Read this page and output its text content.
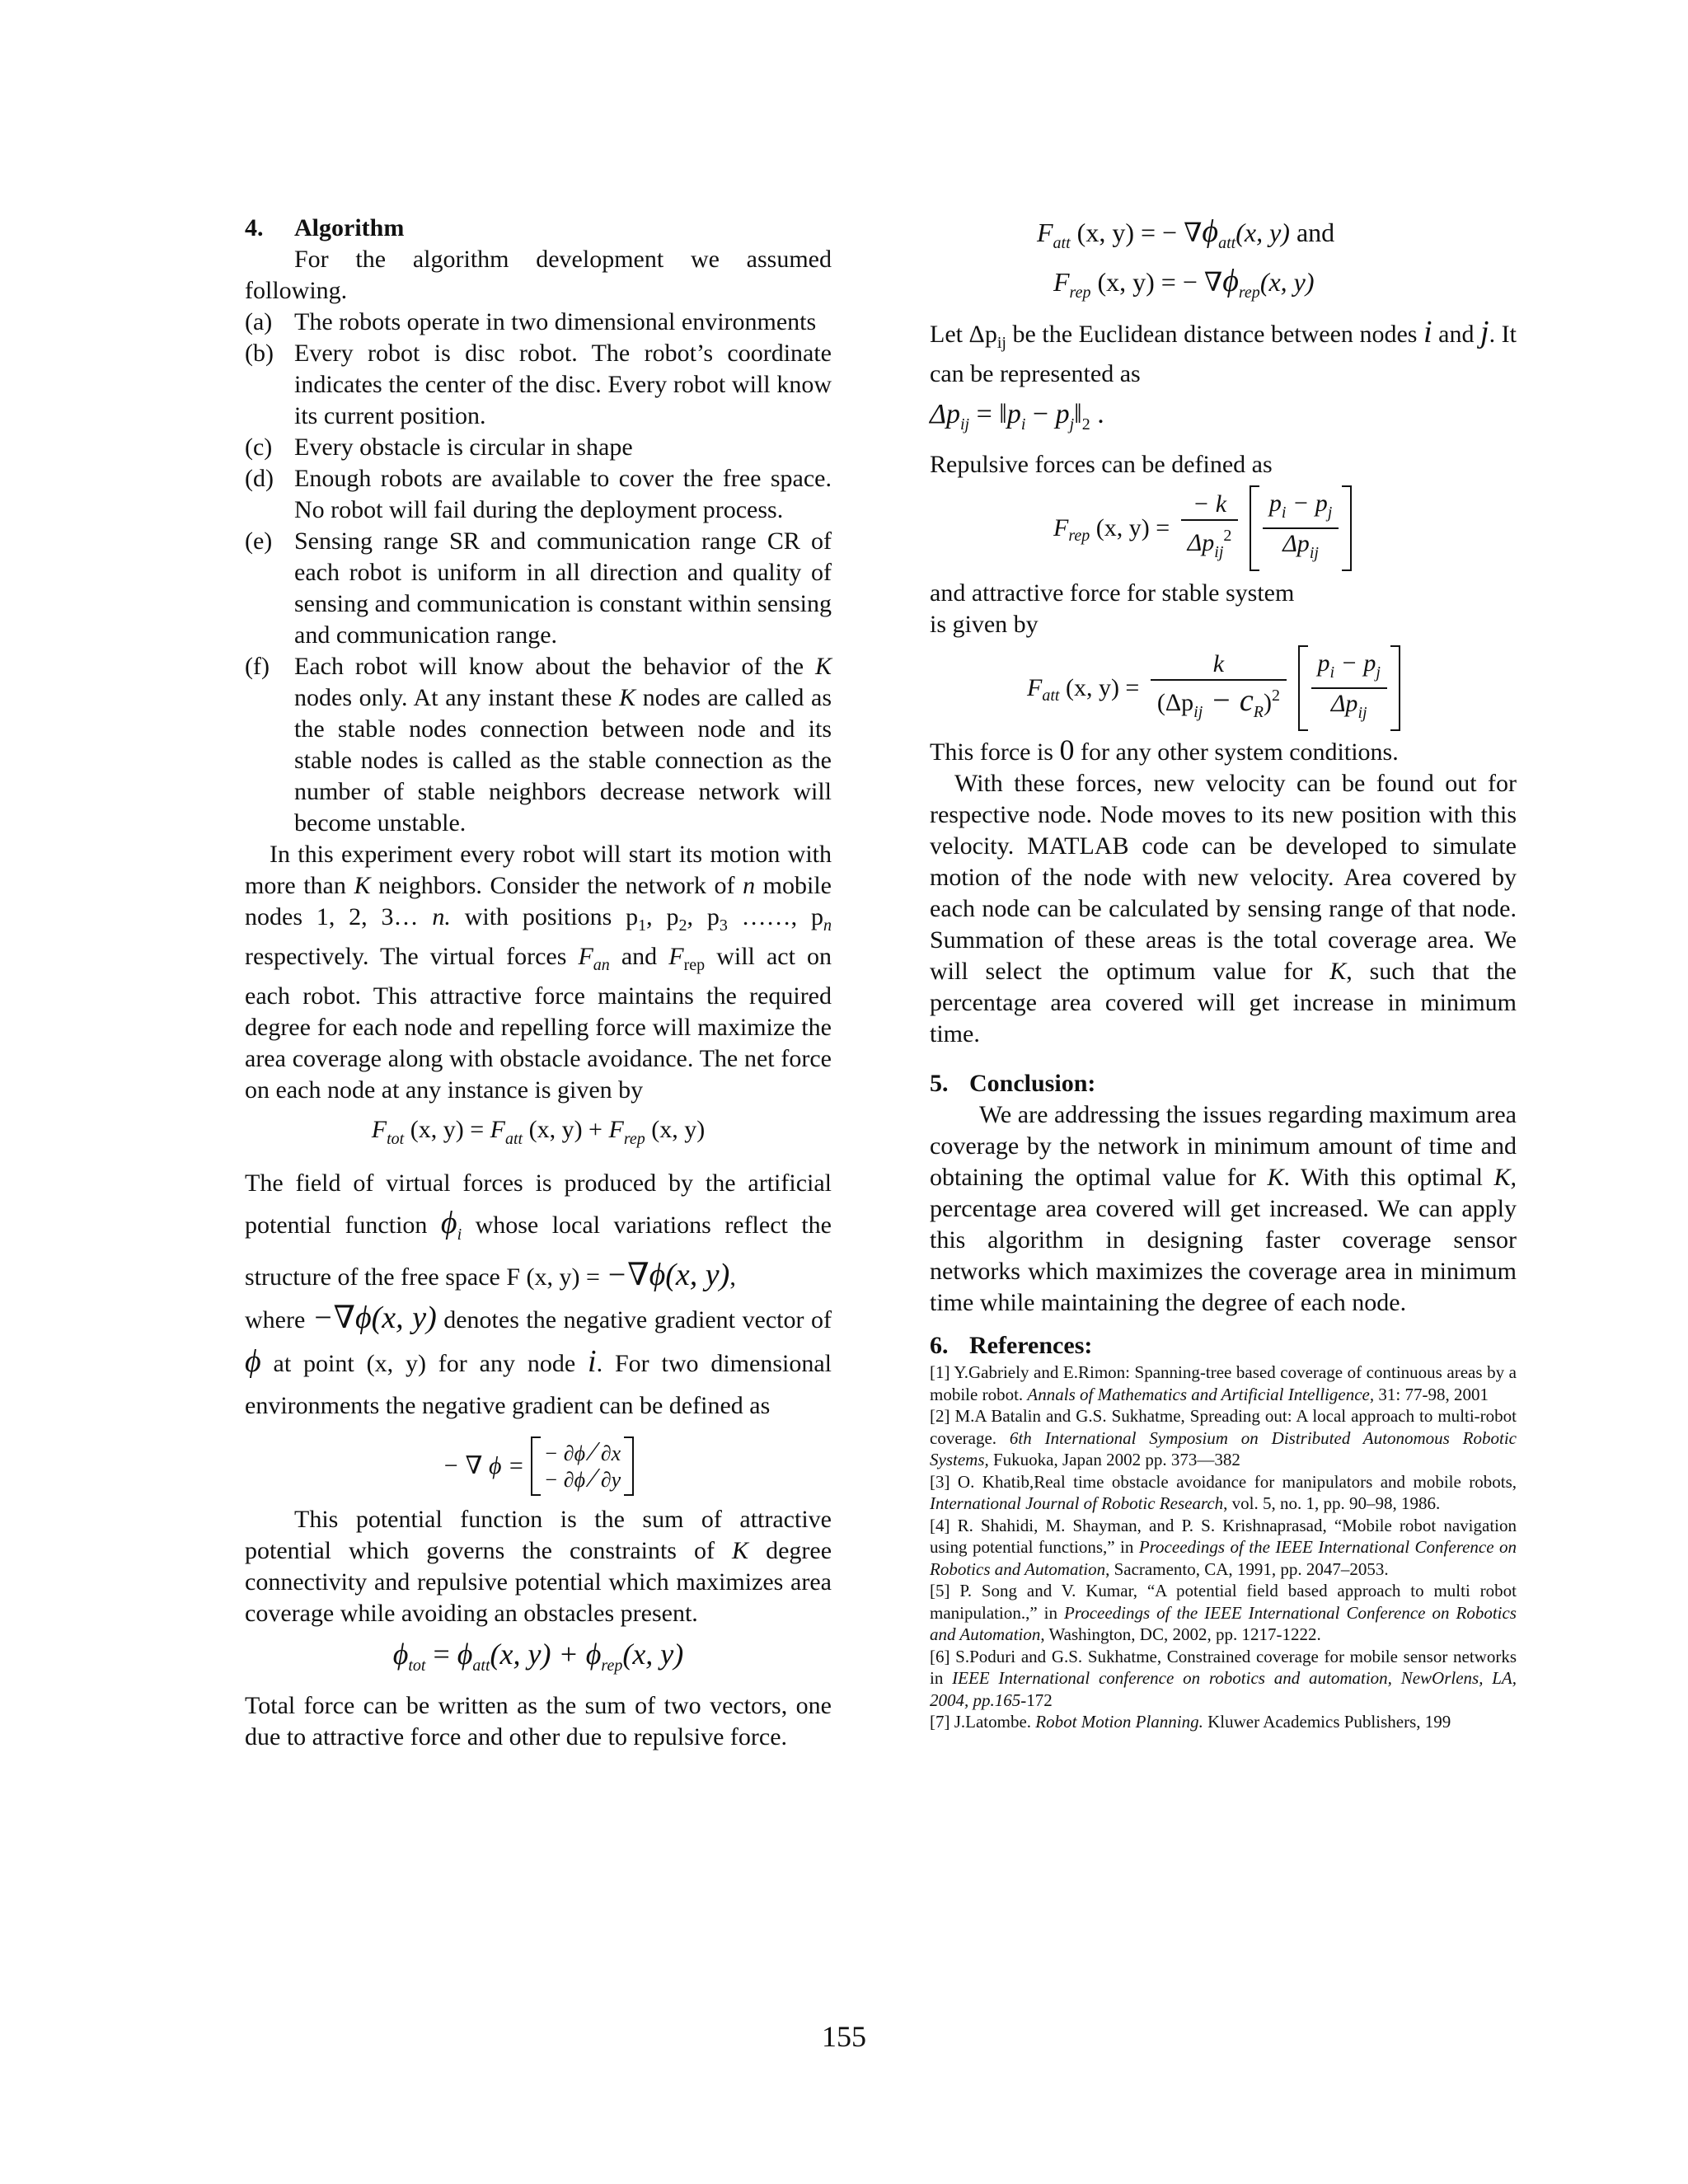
4. Algorithm
For the algorithm development we assumed following.
(a) The robots operate in two dimensional environments
(b) Every robot is disc robot. The robot’s coordinate indicates the center of the disc. Every robot will know its current position.
(c) Every obstacle is circular in shape
(d) Enough robots are available to cover the free space. No robot will fail during the deployment process.
(e) Sensing range SR and communication range CR of each robot is uniform in all direction and quality of sensing and communication is constant within sensing and communication range.
(f) Each robot will know about the behavior of the K nodes only. At any instant these K nodes are called as the stable nodes connection between node and its stable nodes is called as the stable connection as the number of stable neighbors decrease network will become unstable.
In this experiment every robot will start its motion with more than K neighbors. Consider the network of n mobile nodes 1, 2, 3… n. with positions $p_1$, $p_2$, $p_3$ ……, $p_n$ respectively. The virtual forces $F_{an}$ and $F_{rep}$ will act on each robot. This attractive force maintains the required degree for each node and repelling force will maximize the area coverage along with obstacle avoidance. The net force on each node at any instance is given by
$F_{tot}$ (x, $y) = F_{att}$ (x, $y) + F_{rep}$ (x, y)
The field of virtual forces is produced by the artificial potential function $\phi_i$ whose local variations reflect the structure of the free space F (x, y) = −∇ϕ(x, y),
where −∇ϕ(x, y) denotes the negative gradient vector of ϕ at point (x, y) for any node i. For two dimensional environments the negative gradient can be defined as
− ∇ ϕ = − ∂ϕ ⁄ ∂x
− ∂ϕ ⁄ ∂y
This potential function is the sum of attractive potential which governs the constraints of K degree connectivity and repulsive potential which maximizes area coverage while avoiding an obstacles present.
$\phi_{tot} = \phi_{att}(x$, $y) + \phi_{rep}(x$, y)
Total force can be written as the sum of two vectors, one due to attractive force and other due to repulsive force.
$F_{att}$ (x, y) = − $\nabla\phi_{att}(x$, y) and
$F_{rep}$ (x, y) = − $\nabla\phi_{rep}(x$, y)
Let $\Delta p_{ij}$ be the Euclidean distance between nodes i and j. It can be represented as
$\Delta p_{ij}$ = $‖p_i$ − $p_j‖_2$ .
Repulsive forces can be defined as
$F_{rep}$ (x, $y) = \frac{- k}{\Delta p_{ij}^2}$
$\frac{p_i - p_j}{\Delta p_{ij}}$
and attractive force for stable system
is given by
$F_{att}$ (x, $y) = \frac{k}{(\Delta p_{ij} - c_R)^2}$
$\frac{p_i - p_j}{\Delta p_{ij}}$
This force is 0 for any other system conditions.
With these forces, new velocity can be found out for respective node. Node moves to its new position with this velocity. MATLAB code can be developed to simulate motion of the node with new velocity. Area covered by each node can be calculated by sensing range of that node. Summation of these areas is the total coverage area. We will select the optimum value for K, such that the percentage area covered will get increase in minimum time.
5. Conclusion:
We are addressing the issues regarding maximum area coverage by the network in minimum amount of time and obtaining the optimal value for K. With this optimal K, percentage area covered will get increased. We can apply this algorithm in designing faster coverage sensor networks which maximizes the coverage area in minimum time while maintaining the degree of each node.
6. References:

[1] Y.Gabriely and E.Rimon: Spanning-tree based coverage of continuous areas by a mobile robot. Annals of Mathematics and Artificial Intelligence, 31: 77-98, 2001

[2] M.A Batalin and G.S. Sukhatme, Spreading out: A local approach to multi-robot coverage. 6th International Symposium on Distributed Autonomous Robotic Systems, Fukuoka, Japan 2002 pp. 373—382

[3] O. Khatib,Real time obstacle avoidance for manipulators and mobile robots, International Journal of Robotic Research, vol. 5, no. 1, pp. 90–98, 1986.

[4] R. Shahidi, M. Shayman, and P. S. Krishnaprasad, “Mobile robot navigation using potential functions,” in Proceedings of the IEEE International Conference on Robotics and Automation, Sacramento, CA, 1991, pp. 2047–2053.

[5] P. Song and V. Kumar, “A potential field based approach to multi robot manipulation.,” in Proceedings of the IEEE International Conference on Robotics and Automation, Washington, DC, 2002, pp. 1217-1222.

[6] S.Poduri and G.S. Sukhatme, Constrained coverage for mobile sensor networks in IEEE International conference on robotics and automation, NewOrlens, LA, 2004, pp.165-172

[7] J.Latombe. Robot Motion Planning. Kluwer Academics Publishers, 199

155
